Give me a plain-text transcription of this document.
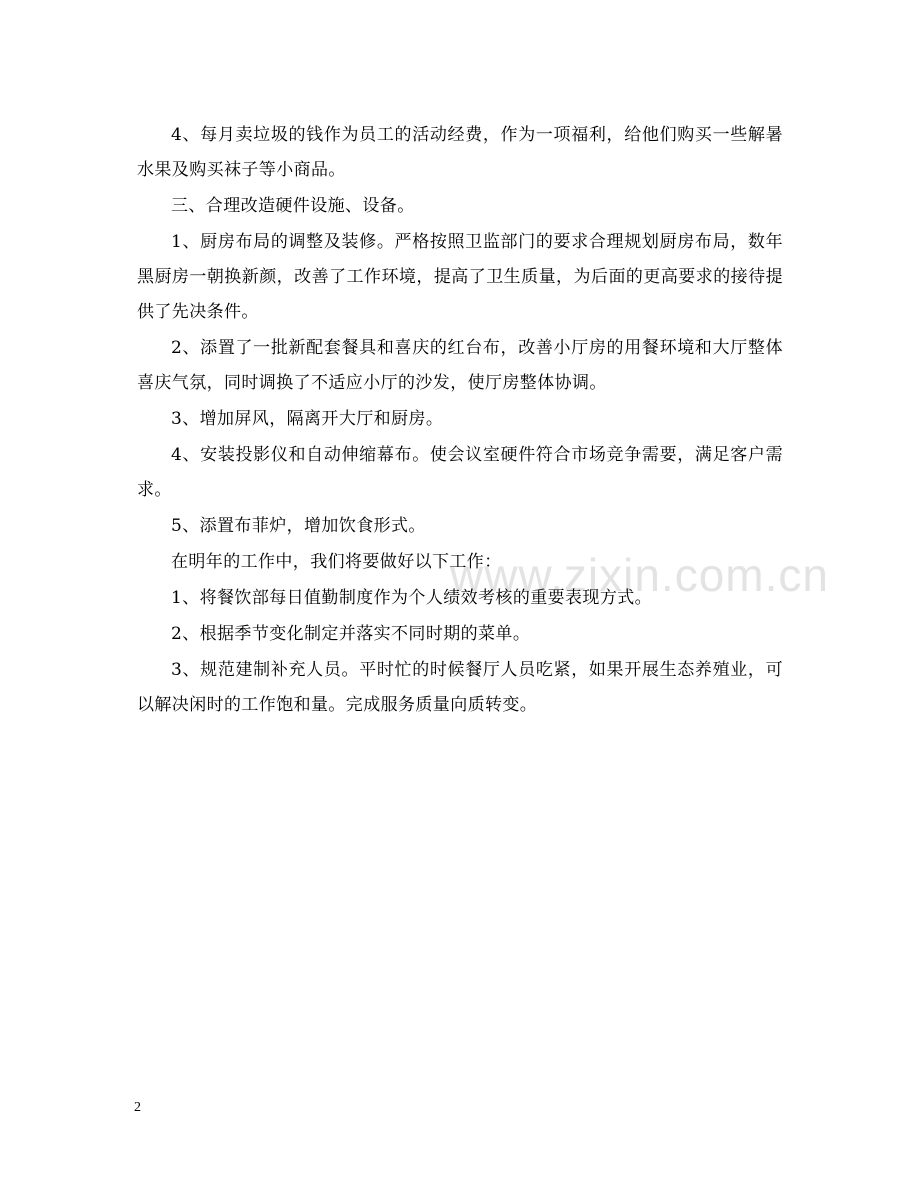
www.zixin.com.cn

4、每月卖垃圾的钱作为员工的活动经费，作为一项福利，给他们购买一些解暑水果及购买袜子等小商品。

三、合理改造硬件设施、设备。

1、厨房布局的调整及装修。严格按照卫监部门的要求合理规划厨房布局，数年黑厨房一朝换新颜，改善了工作环境，提高了卫生质量，为后面的更高要求的接待提供了先决条件。

2、添置了一批新配套餐具和喜庆的红台布，改善小厅房的用餐环境和大厅整体喜庆气氛，同时调换了不适应小厅的沙发，使厅房整体协调。

3、增加屏风，隔离开大厅和厨房。

4、安装投影仪和自动伸缩幕布。使会议室硬件符合市场竞争需要，满足客户需求。

5、添置布菲炉，增加饮食形式。

在明年的工作中，我们将要做好以下工作：

1、将餐饮部每日值勤制度作为个人绩效考核的重要表现方式。

2、根据季节变化制定并落实不同时期的菜单。

3、规范建制补充人员。平时忙的时候餐厅人员吃紧，如果开展生态养殖业，可以解决闲时的工作饱和量。完成服务质量向质转变。

2
